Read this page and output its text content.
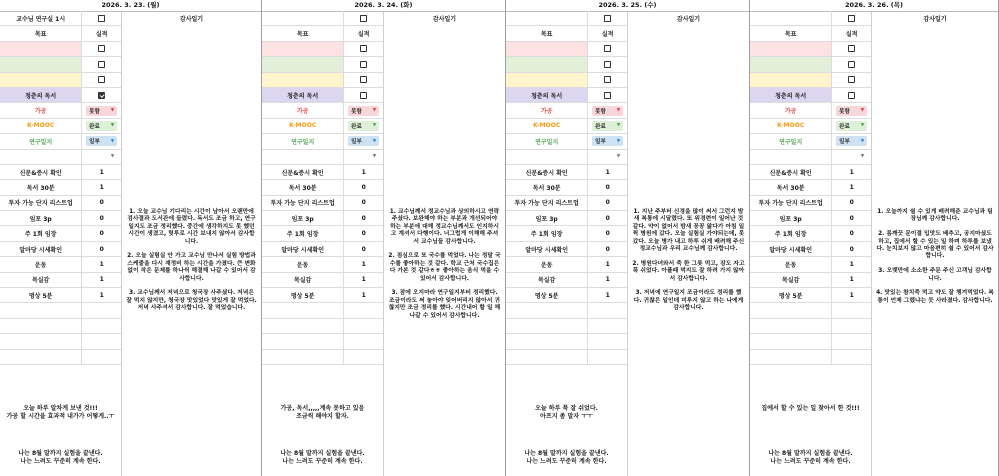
2026. 3. 23. (월)
교수님 연구실 1시
목표	실적
청춘의 독서
가공	못함 ▼
K-MOOC	완료 ▼
연구일지	일부 ▼
▼
신문&증시 확인	1
독서 30분	1
투자 가능 단지 리스트업	0
임포 3p	0
주 1회 임장	0
알마당 시세확인	0
운동	1
목실감	1
명상 5분	1
오늘 하루 알차게 보낸 것!!!
가공 할 시간을 효과적 내가가 어떻게..ㅜ
나는 8월 말까지 실험을 끝낸다.
나는 느려도 꾸준히 계속 한다.
감사일기
1. 오늘 교수님 기다리는 시간이 남아서 오랜만에 검사결과 도서관에 들렸다. 독서도 조금 하고, 연구일지도 조금 정리했다. 중간에 생각하지도 못 했던 시간이 생겼고, 헛루로 시간 보내지 않아서 감사합니다.

2. 오늘 실험실 안 가고 교수님 만나서 실험 방법과 스케줄을 다시 재정비 하는 시간을 가졌다. 큰 변화없이 작은 문제를 하나씩 해결해 나갈 수 있어서 감사합니다.

3. 교수님께서 저녁으로 청국장 사주셨다. 저녁은 잘 먹지 않지만, 청국장 맛있었다 맛있게 잘 먹었다. 저녁 사주셔서 감사합니다. 잘 먹었습니다.
2026. 3. 24. (화)
목표	실적
청춘의 독서
가공	못함 ▼
K-MOOC	완료 ▼
연구일지	일부 ▼
▼
신문&증시 확인	1
독서 30분	0
투자 가능 단지 리스트업	0
임포 3p	0
주 1회 임장	0
알마당 시세확인	0
운동	1
목실감	1
명상 5분	1
가공, 독서,,,,,계속 못하고 있음
조금씩 해야지 할자.
나는 8월 말까지 실험을 끝낸다.
나는 느려도 꾸준히 계속 한다.
감사일기
1. 교수님께서 정교수님과 상의하시고 연락주셨다. 보완해야 하는 부분과 개선되어야 하는 부분에 대해 정교수님께서도 인지하시고 계셔서 다행이다. 너그럽게 이해해 주셔서 교수님들 감사합니다.

2. 점심으로 또 국수를 먹었다. 나는 정말 국수를 좋아하는 것 같다. 학교 근처 국수집은 다 가본 것 같다ㅎㅎ 좋아하는 음식 먹을 수 있어서 감사합니다.

3. 잠에 오지마라 연구일지부터 정리했다. 조금이라도 써 놓아야 잊어버리지 않아서 귀찮지만 조금 정리를 했다. 시간내어 할 일 해 나갈 수 있어서 감사합니다.
2026. 3. 25. (수)
목표	실적
청춘의 독서
가공	못함 ▼
K-MOOC	완료 ▼
연구일지	일부 ▼
▼
신문&증시 확인	1
독서 30분	0
투자 가능 단지 리스트업	0
임포 3p	0
주 1회 임장	0
알마당 시세확인	0
운동	1
목실감	1
명상 5분	1
오늘 하루 푹 잘 쉬었다.
아프지 좀 말자 ㅜㅜ
나는 8월 말까지 실험을 끝낸다.
나는 느려도 꾸준히 계속 한다.
감사일기
1. 지난 주부터 신경을 많이 써서 그런지 밤새 복통에 시달렸다. 또 위경련이 일어난 것 같다. 약이 없어서 밤새 꽁꽁 앓다가 아침 일찍 병원에 갔다. 오늘 실험실 가야되는데, 못 갔다. 오늘 병가 내고 하루 쉬게 배려해 주신 정교수님과 우리 교수님께 감사합니다.

2. 병원다녀와서 죽 한 그릇 먹고, 잠도 자고 푹 쉬었다. 아플때 먹지도 잘 하려 가지 않아서 감사합니다.

3. 저녁에 연구일지 조금이라도 정리를 했다. 귀찮은 일인데 미루지 않고 하는 나에게 감사합니다.
2026. 3. 26. (목)
목표	실적
청춘의 독서
가공	못함 ▼
K-MOOC	완료 ▼
연구일지	일부 ▼
▼
신문&증시 확인	1
독서 30분	1
투자 가능 단지 리스트업	0
임포 3p	0
주 1회 임장	0
알마당 시세확인	0
운동	1
목실감	1
명상 5분	1
집에서 할 수 있는 일 찾아서 한 것!!!
나는 8월 말까지 실험을 끝낸다.
나는 느려도 꾸준히 계속 한다.
감사일기
1. 오늘까지 쉴 수 있게 배려해준 교수님과 팀장님께 감사합니다.

2. 몸깨끗 문이결 입맛도 배추고, 공지마셨도 하고, 집에서 할 수 있는 일 하며 하루를 보냈다. 눈치보지 않고 마음편히 쉴 수 있어서 감사합니다.

3. 오랫만에 소소한 주문 주신 고객님 감사합니다.

4. 맛있는 참치죽 먹고 약도 잘 챙겨먹었다. 복통이 언제 그랬냐는 듯 사라졌다. 감사합니다.
